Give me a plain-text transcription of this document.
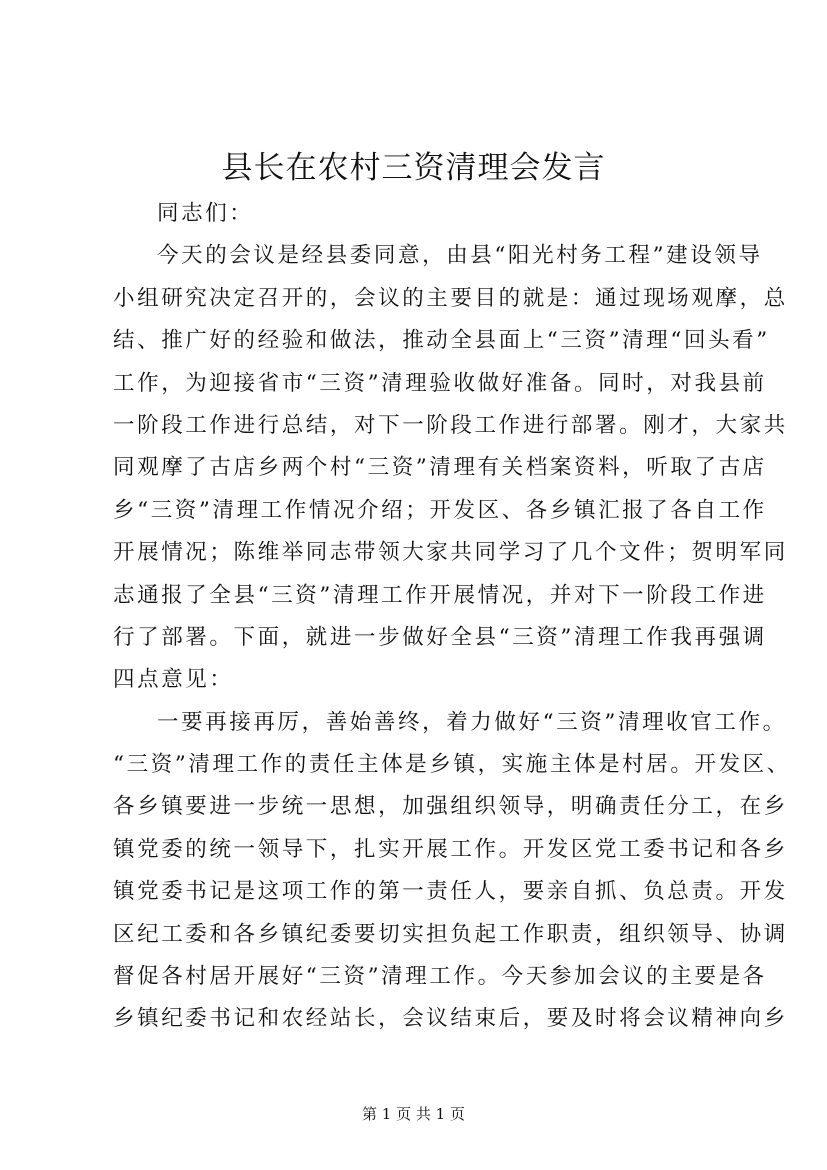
县长在农村三资清理会发言
同志们：
今天的会议是经县委同意，由县“阳光村务工程”建设领导
小组研究决定召开的，会议的主要目的就是：通过现场观摩，总
结、推广好的经验和做法，推动全县面上“三资”清理“回头看”
工作，为迎接省市“三资”清理验收做好准备。同时，对我县前
一阶段工作进行总结，对下一阶段工作进行部署。刚才，大家共
同观摩了古店乡两个村“三资”清理有关档案资料，听取了古店
乡“三资”清理工作情况介绍；开发区、各乡镇汇报了各自工作
开展情况；陈维举同志带领大家共同学习了几个文件；贺明军同
志通报了全县“三资”清理工作开展情况，并对下一阶段工作进
行了部署。下面，就进一步做好全县“三资”清理工作我再强调
四点意见：
一要再接再厉，善始善终，着力做好“三资”清理收官工作。
“三资”清理工作的责任主体是乡镇，实施主体是村居。开发区、
各乡镇要进一步统一思想，加强组织领导，明确责任分工，在乡
镇党委的统一领导下，扎实开展工作。开发区党工委书记和各乡
镇党委书记是这项工作的第一责任人，要亲自抓、负总责。开发
区纪工委和各乡镇纪委要切实担负起工作职责，组织领导、协调
督促各村居开展好“三资”清理工作。今天参加会议的主要是各
乡镇纪委书记和农经站长，会议结束后，要及时将会议精神向乡
第 1 页 共 1 页
